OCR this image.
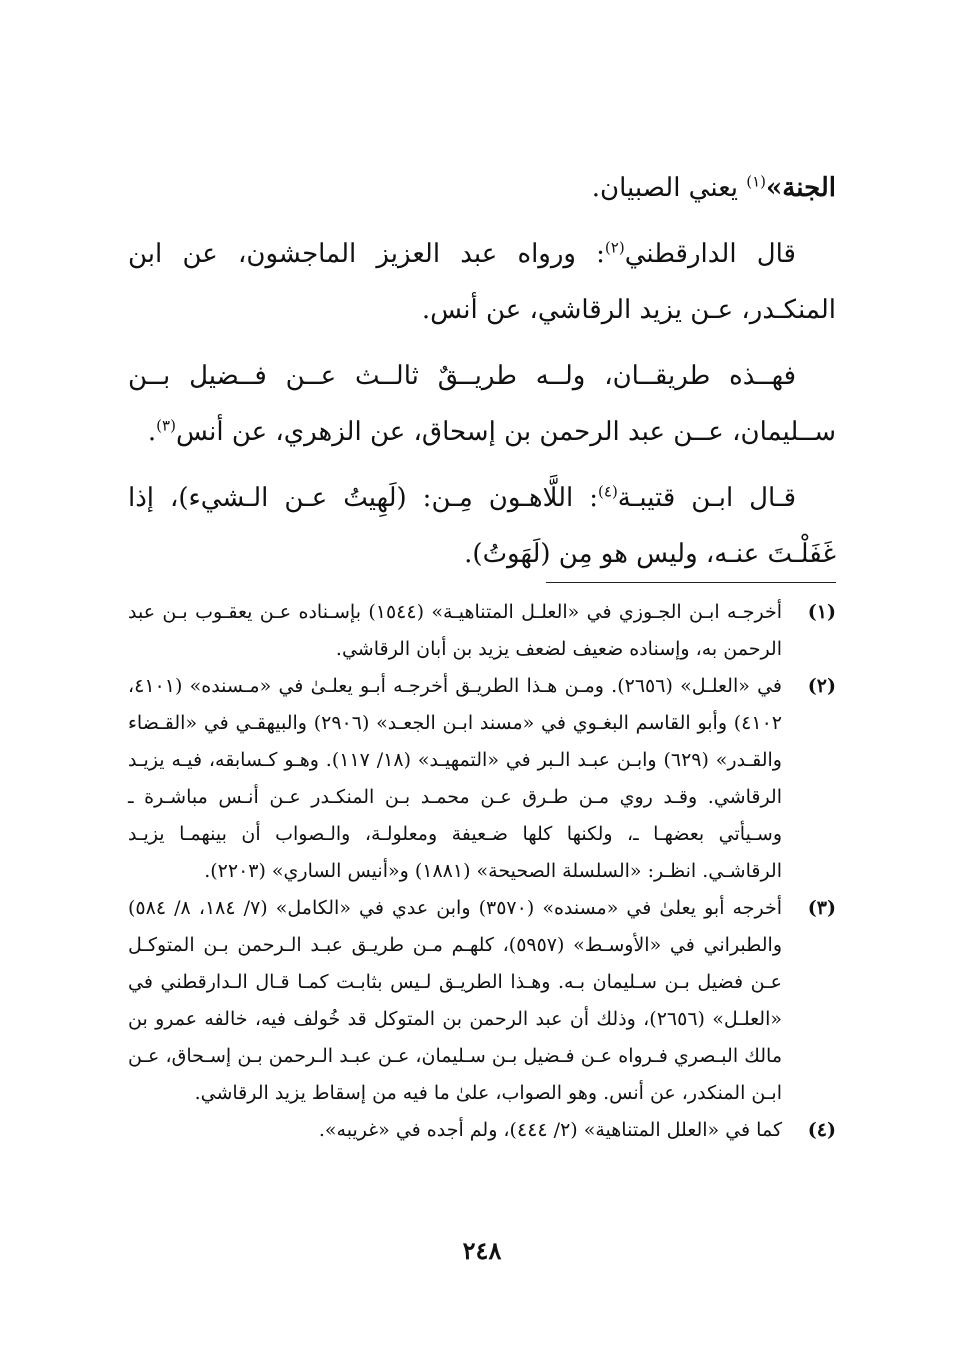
الجنة»$^{(١)}$ يعني الصبيان.

قال الدارقطني$^{(٢)}$: ورواه عبد العزيز الماجشون، عن ابن المنكـدر، عـن يزيد الرقاشي، عن أنس.

فهــذه طريقــان، ولــه طريــقٌ ثالــث عــن فــضيل بــن ســليمان، عــن عبد الرحمن بن إسحاق، عن الزهري، عن أنس$^{(٣)}$.

قـال ابـن قتيبـة$^{(٤)}$: اللَّاهـون مِـن: (لَهِيتُ عـن الـشيء)، إذا غَفَلْـتَ عنـه، وليس هو مِن (لَهَوتُ).

(١)
أخرجـه ابـن الجـوزي في «العلـل المتناهيـة» (١٥٤٤) بإسـناده عـن يعقـوب بـن عبد الرحمن به، وإسناده ضعيف لضعف يزيد بن أبان الرقاشي.
(٢)
في «العلـل» (٢٦٥٦). ومـن هـذا الطريـق أخرجـه أبـو يعلـىٰ في «مـسنده» (٤١٠١، ٤١٠٢) وأبو القاسم البغـوي في «مسند ابـن الجعـد» (٢٩٠٦) والبيهقـي في «القـضاء والقـدر» (٦٢٩) وابـن عبـد الـبر في «التمهيـد» (١٨/ ١١٧). وهـو كـسابقه، فيـه يزيـد الرقاشي. وقـد روي مـن طـرق عـن محمـد بـن المنكـدر عـن أنـس مباشـرة ـ وسـيأتي بعضهـا ـ، ولكنها كلها ضـعيفة ومعلولـة، والـصواب أن بينهمـا يزيـد الرقاشـي. انظـر: «السلسلة الصحيحة» (١٨٨١) و«أنيس الساري» (٢٢٠٣).
(٣)
أخرجه أبو يعلىٰ في «مسنده» (٣٥٧٠) وابن عدي في «الكامل» (٧/ ١٨٤، ٨/ ٥٨٤) والطبراني في «الأوسـط» (٥٩٥٧)، كلهـم مـن طريـق عبـد الـرحمن بـن المتوكـل عـن فضيل بـن سـليمان بـه. وهـذا الطريـق لـيس بثابـت كمـا قـال الـدارقطني في «العلـل» (٢٦٥٦)، وذلك أن عبد الرحمن بن المتوكل قد خُولف فيه، خالفه عمرو بن مالك البـصري فـرواه عـن فـضيل بـن سـليمان، عـن عبـد الـرحمن بـن إسـحاق، عـن ابـن المنكدر، عن أنس. وهو الصواب، علىٰ ما فيه من إسقاط يزيد الرقاشي.
(٤)
كما في «العلل المتناهية» (٢/ ٤٤٤)، ولم أجده في «غريبه».
٢٤٨
